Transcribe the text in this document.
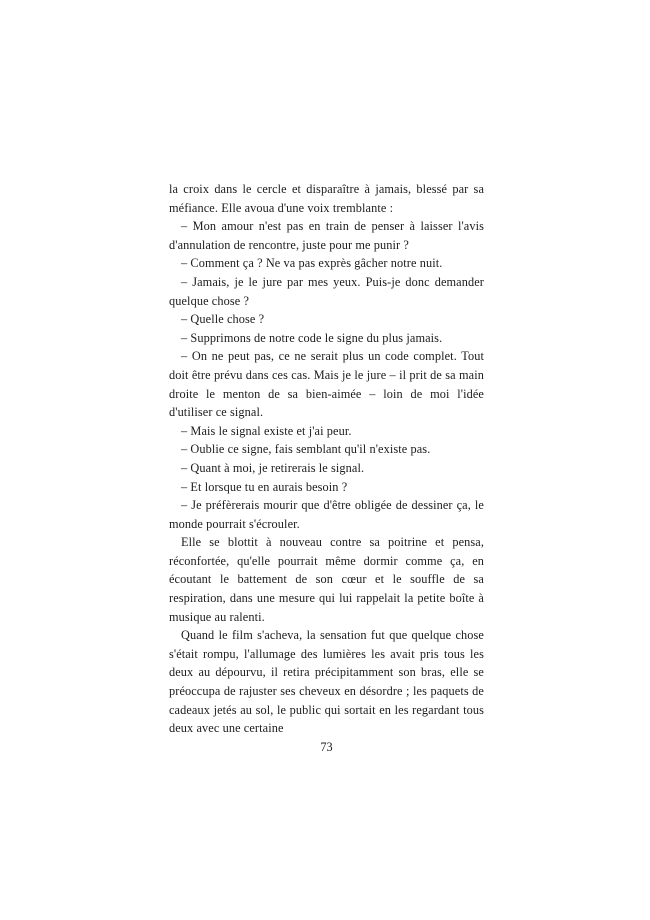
la croix dans le cercle et disparaître à jamais, blessé par sa méfiance. Elle avoua d'une voix tremblante :

– Mon amour n'est pas en train de penser à laisser l'avis d'annulation de rencontre, juste pour me punir ?

– Comment ça ? Ne va pas exprès gâcher notre nuit.

– Jamais, je le jure par mes yeux. Puis-je donc demander quelque chose ?

– Quelle chose ?

– Supprimons de notre code le signe du plus jamais.

– On ne peut pas, ce ne serait plus un code complet. Tout doit être prévu dans ces cas. Mais je le jure – il prit de sa main droite le menton de sa bien-aimée – loin de moi l'idée d'utiliser ce signal.

– Mais le signal existe et j'ai peur.

– Oublie ce signe, fais semblant qu'il n'existe pas.

– Quant à moi, je retirerais le signal.

– Et lorsque tu en aurais besoin ?

– Je préfèrerais mourir que d'être obligée de dessiner ça, le monde pourrait s'écrouler.

Elle se blottit à nouveau contre sa poitrine et pensa, réconfortée, qu'elle pourrait même dormir comme ça, en écoutant le battement de son cœur et le souffle de sa respiration, dans une mesure qui lui rappelait la petite boîte à musique au ralenti.

Quand le film s'acheva, la sensation fut que quelque chose s'était rompu, l'allumage des lumières les avait pris tous les deux au dépourvu, il retira précipitamment son bras, elle se préoccupa de rajuster ses cheveux en désordre ; les paquets de cadeaux jetés au sol, le public qui sortait en les regardant tous deux avec une certaine

73
